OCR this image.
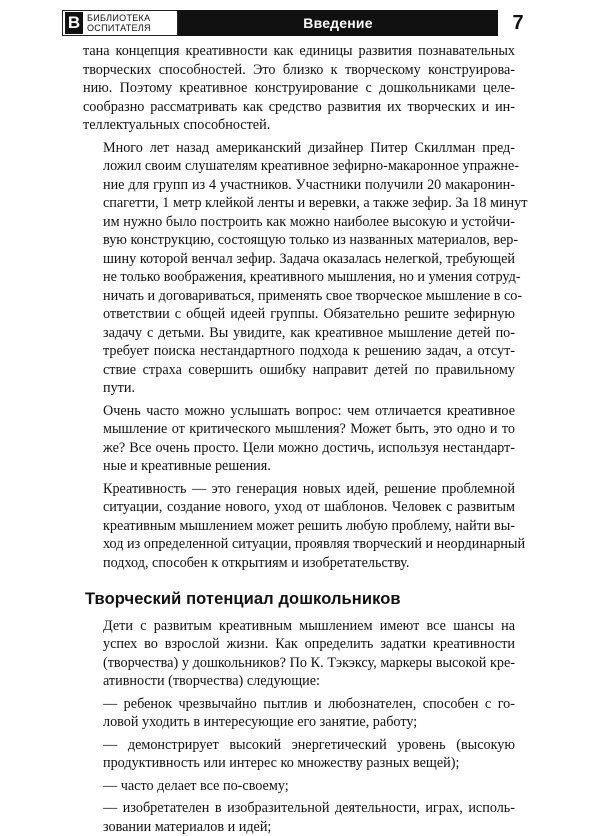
B БИБЛИОТЕКА
ОСПИТАТЕЛЯ	Введение	7

тана концепция креативности как единицы развития познавательных
творческих способностей. Это близко к творческому конструирова-
нию. Поэтому креативное конструирование с дошкольниками целе-
сообразно рассматривать как средство развития их творческих и ин-
теллектуальных способностей.

Много лет назад американский дизайнер Питер Скиллман пред-
ложил своим слушателям креативное зефирно-макаронное упражне-
ние для групп из 4 участников. Участники получили 20 макаронин-
спагетти, 1 метр клейкой ленты и веревки, а также зефир. За 18 минут
им нужно было построить как можно наиболее высокую и устойчи-
вую конструкцию, состоящую только из названных материалов, вер-
шину которой венчал зефир. Задача оказалась нелегкой, требующей
не только воображения, креативного мышления, но и умения сотруд-
ничать и договариваться, применять свое творческое мышление в со-
ответствии с общей идеей группы. Обязательно решите зефирную
задачу с детьми. Вы увидите, как креативное мышление детей по-
требует поиска нестандартного подхода к решению задач, а отсут-
ствие страха совершить ошибку направит детей по правильному
пути.

Очень часто можно услышать вопрос: чем отличается креативное
мышление от критического мышления? Может быть, это одно и то
же? Все очень просто. Цели можно достичь, используя нестандарт-
ные и креативные решения.

Креативность — это генерация новых идей, решение проблемной
ситуации, создание нового, уход от шаблонов. Человек с развитым
креативным мышлением может решить любую проблему, найти вы-
ход из определенной ситуации, проявляя творческий и неординарный
подход, способен к открытиям и изобретательству.

Творческий потенциал дошкольников

Дети с развитым креативным мышлением имеют все шансы на
успех во взрослой жизни. Как определить задатки креативности
(творчества) у дошкольников? По К. Тэкэксу, маркеры высокой кре-
ативности (творчества) следующие:

— ребенок чрезвычайно пытлив и любознателен, способен с го-
ловой уходить в интересующие его занятие, работу;

— демонстрирует высокий энергетический уровень (высокую
продуктивность или интерес ко множеству разных вещей);

— часто делает все по-своему;

— изобретателен в изобразительной деятельности, играх, исполь-
зовании материалов и идей;
